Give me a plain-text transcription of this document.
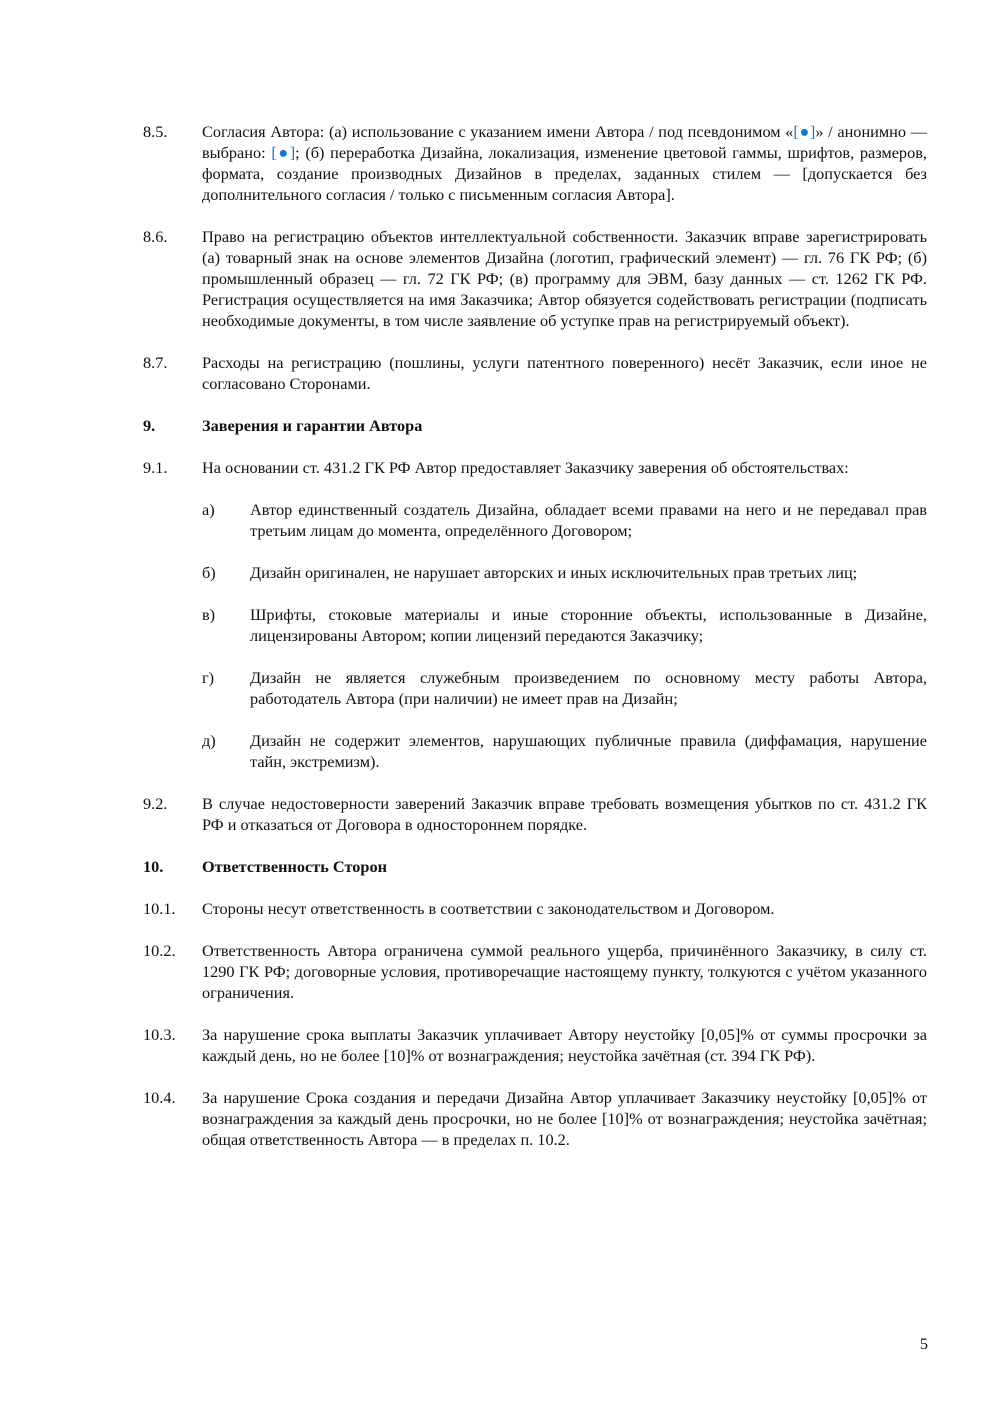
8.5.	Согласия Автора: (a) использование с указанием имени Автора / под псевдонимом «[●]» / анонимно — выбрано: [●]; (б) переработка Дизайна, локализация, изменение цветовой гаммы, шрифтов, размеров, формата, создание производных Дизайнов в пределах, заданных стилем — [допускается без дополнительного согласия / только с письменным согласия Автора].
8.6.	Право на регистрацию объектов интеллектуальной собственности. Заказчик вправе зарегистрировать (а) товарный знак на основе элементов Дизайна (логотип, графический элемент) — гл. 76 ГК РФ; (б) промышленный образец — гл. 72 ГК РФ; (в) программу для ЭВМ, базу данных — ст. 1262 ГК РФ. Регистрация осуществляется на имя Заказчика; Автор обязуется содействовать регистрации (подписать необходимые документы, в том числе заявление об уступке прав на регистрируемый объект).
8.7.	Расходы на регистрацию (пошлины, услуги патентного поверенного) несёт Заказчик, если иное не согласовано Сторонами.
9.	Заверения и гарантии Автора
9.1.	На основании ст. 431.2 ГК РФ Автор предоставляет Заказчику заверения об обстоятельствах:
а)	Автор единственный создатель Дизайна, обладает всеми правами на него и не передавал прав третьим лицам до момента, определённого Договором;
б)	Дизайн оригинален, не нарушает авторских и иных исключительных прав третьих лиц;
в)	Шрифты, стоковые материалы и иные сторонние объекты, использованные в Дизайне, лицензированы Автором; копии лицензий передаются Заказчику;
г)	Дизайн не является служебным произведением по основному месту работы Автора, работодатель Автора (при наличии) не имеет прав на Дизайн;
д)	Дизайн не содержит элементов, нарушающих публичные правила (диффамация, нарушение тайн, экстремизм).
9.2.	В случае недостоверности заверений Заказчик вправе требовать возмещения убытков по ст. 431.2 ГК РФ и отказаться от Договора в одностороннем порядке.
10.	Ответственность Сторон
10.1.	Стороны несут ответственность в соответствии с законодательством и Договором.
10.2.	Ответственность Автора ограничена суммой реального ущерба, причинённого Заказчику, в силу ст. 1290 ГК РФ; договорные условия, противоречащие настоящему пункту, толкуются с учётом указанного ограничения.
10.3.	За нарушение срока выплаты Заказчик уплачивает Автору неустойку [0,05]% от суммы просрочки за каждый день, но не более [10]% от вознаграждения; неустойка зачётная (ст. 394 ГК РФ).
10.4.	За нарушение Срока создания и передачи Дизайна Автор уплачивает Заказчику неустойку [0,05]% от вознаграждения за каждый день просрочки, но не более [10]% от вознаграждения; неустойка зачётная; общая ответственность Автора — в пределах п. 10.2.
5
